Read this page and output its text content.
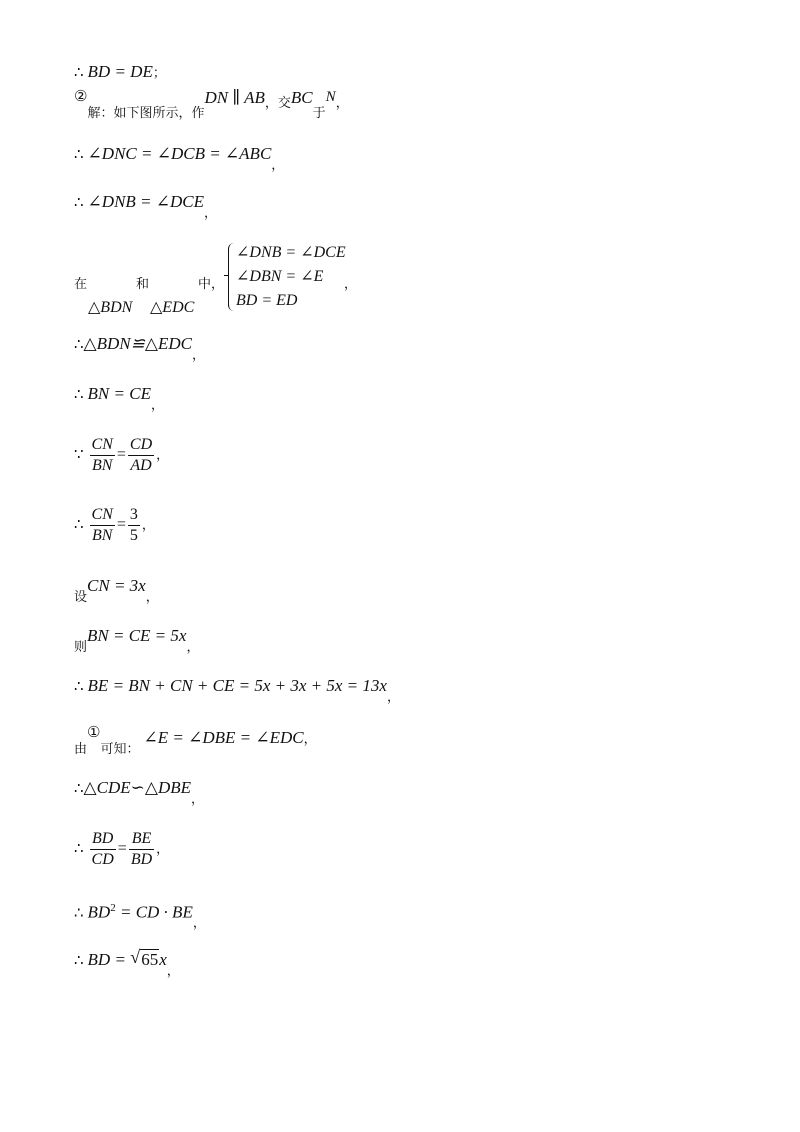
∴ BD = DE；
$②_{解:如下图所示,作}DN$ ∥ AB，交$BC_于N$，
∴ ∠DNC = ∠DCB = $\angle ABC_,$
∴ ∠DNB = $\angle DCE_,$
在
△BDN
和
△EDC
中，
∠DNB = ∠DCE
∠DBN = ∠E
BD = ED
，
$\therefore\triangle BDN≌\triangle EDC_,$
∴ BN = $CE_,$
∵ $\frac{CN}{BN} = \frac{CD}{AD}$ ，
∴ $\frac{CN}{BN} = \frac{3}{5}$ ，
$_设CN = 3x_,$
$_则$BN = CE = $5x_,$
∴ BE = BN + CN + CE = $5x + 3x + 5x = 13x_,$
$_由①_{可知:}$ ∠E = ∠DBE = ∠EDC，
$\therefore\triangle CDE∽\triangle DBE_,$
∴ $\frac{BD}{CD} = \frac{BE}{BD}$ ，
∴ $BD^2$ = CD · $BE_,$
∴ BD = √ $65x_,$
